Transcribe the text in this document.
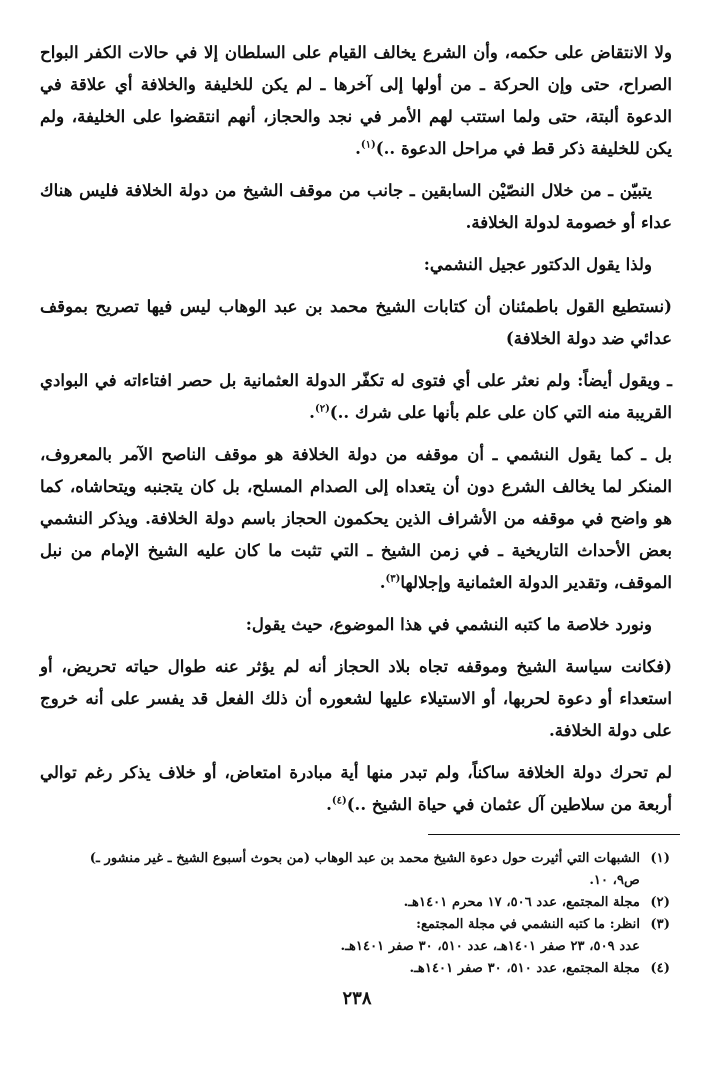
ولا الانتقاض على حكمه، وأن الشرع يخالف القيام على السلطان إلا في حالات الكفر البواح الصراح، حتى وإن الحركة ـ من أولها إلى آخرها ـ لم يكن للخليفة والخلافة أي علاقة في الدعوة ألبتة، حتى ولما استتب لهم الأمر في نجد والحجاز، أنهم انتقضوا على الخليفة، ولم يكن للخليفة ذكر قط في مراحل الدعوة ..)$^{(١)}$.

يتبيّن ـ من خلال النصّيْن السابقين ـ جانب من موقف الشيخ من دولة الخلافة فليس هناك عداء أو خصومة لدولة الخلافة.

ولذا يقول الدكتور عجيل النشمي:

(نستطيع القول باطمئنان أن كتابات الشيخ محمد بن عبد الوهاب ليس فيها تصريح بموقف عدائي ضد دولة الخلافة)

ـ ويقول أيضاً: ولم نعثر على أي فتوى له تكفّر الدولة العثمانية بل حصر افتاءاته في البوادي القريبة منه التي كان على علم بأنها على شرك ..)$^{(٢)}$.

بل ـ كما يقول النشمي ـ أن موقفه من دولة الخلافة هو موقف الناصح الآمر بالمعروف، المنكر لما يخالف الشرع دون أن يتعداه إلى الصدام المسلح، بل كان يتجنبه ويتحاشاه، كما هو واضح في موقفه من الأشراف الذين يحكمون الحجاز باسم دولة الخلافة. ويذكر النشمي بعض الأحداث التاريخية ـ في زمن الشيخ ـ التي تثبت ما كان عليه الشيخ الإمام من نبل الموقف، وتقدير الدولة العثمانية وإجلالها$^{(٣)}$.

ونورد خلاصة ما كتبه النشمي في هذا الموضوع، حيث يقول:

(فكانت سياسة الشيخ وموقفه تجاه بلاد الحجاز أنه لم يؤثر عنه طوال حياته تحريض، أو استعداء أو دعوة لحربها، أو الاستيلاء عليها لشعوره أن ذلك الفعل قد يفسر على أنه خروج على دولة الخلافة.

لم تحرك دولة الخلافة ساكناً، ولم تبدر منها أية مبادرة امتعاض، أو خلاف يذكر رغم توالي أربعة من سلاطين آل عثمان في حياة الشيخ ..)$^{(٤)}$.

(١)
الشبهات التي أثيرت حول دعوة الشيخ محمد بن عبد الوهاب (من بحوث أسبوع الشيخ ـ غير منشور ـ)
ص٩، ١٠.
(٢)
مجلة المجتمع، عدد ٥٠٦، ١٧ محرم ١٤٠١هـ.
(٣)
انظر: ما كتبه النشمي في مجلة المجتمع:
عدد ٥٠٩، ٢٣ صفر ١٤٠١هـ، عدد ٥١٠، ٣٠ صفر ١٤٠١هـ.
(٤)
مجلة المجتمع، عدد ٥١٠، ٣٠ صفر ١٤٠١هـ.
٢٣٨
